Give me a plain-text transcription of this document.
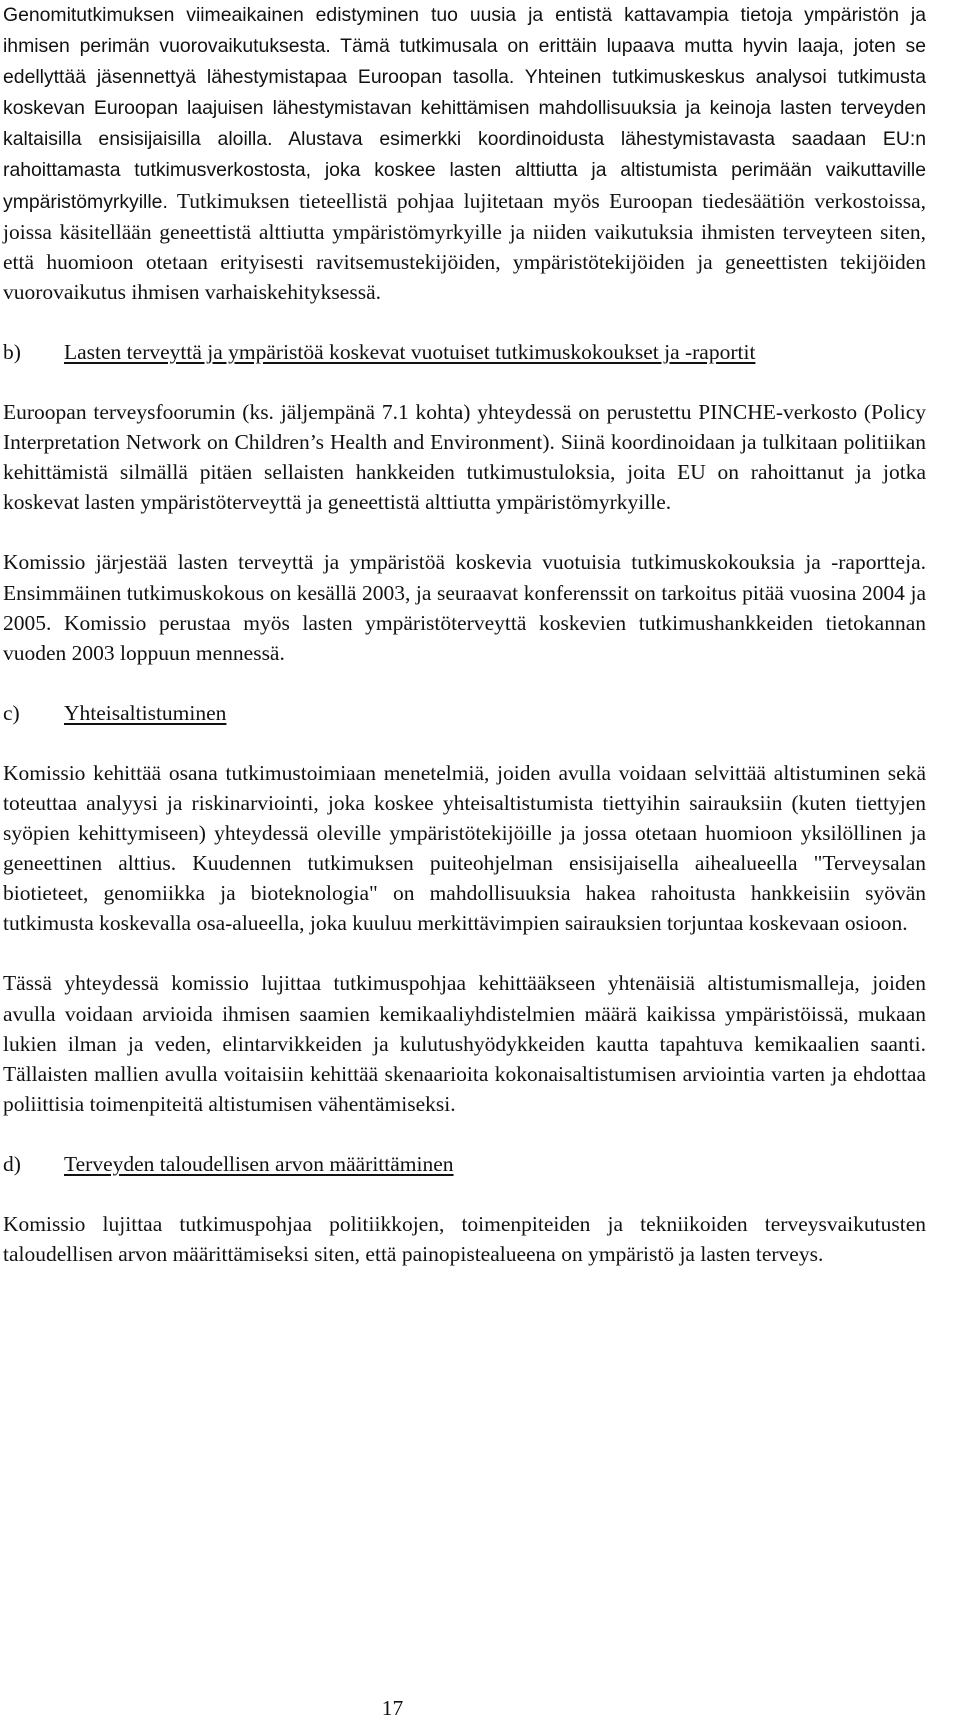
Genomitutkimuksen viimeaikainen edistyminen tuo uusia ja entistä kattavampia tietoja ympäristön ja ihmisen perimän vuorovaikutuksesta. Tämä tutkimusala on erittäin lupaava mutta hyvin laaja, joten se edellyttää jäsennettyä lähestymistapaa Euroopan tasolla. Yhteinen tutkimuskeskus analysoi tutkimusta koskevan Euroopan laajuisen lähestymistavan kehittämisen mahdollisuuksia ja keinoja lasten terveyden kaltaisilla ensisijaisilla aloilla. Alustava esimerkki koordinoidusta lähestymistavasta saadaan EU:n rahoittamasta tutkimusverkostosta, joka koskee lasten alttiutta ja altistumista perimään vaikuttaville ympäristömyrkyille. Tutkimuksen tieteellistä pohjaa lujitetaan myös Euroopan tiedesäätiön verkostoissa, joissa käsitellään geneettistä alttiutta ympäristömyrkyille ja niiden vaikutuksia ihmisten terveyteen siten, että huomioon otetaan erityisesti ravitsemustekijöiden, ympäristötekijöiden ja geneettisten tekijöiden vuorovaikutus ihmisen varhaiskehityksessä.

b) Lasten terveyttä ja ympäristöä koskevat vuotuiset tutkimuskokoukset ja -raportit

Euroopan terveysfoorumin (ks. jäljempänä 7.1 kohta) yhteydessä on perustettu PINCHE-verkosto (Policy Interpretation Network on Children’s Health and Environment). Siinä koordinoidaan ja tulkitaan politiikan kehittämistä silmällä pitäen sellaisten hankkeiden tutkimustuloksia, joita EU on rahoittanut ja jotka koskevat lasten ympäristöterveyttä ja geneettistä alttiutta ympäristömyrkyille.

Komissio järjestää lasten terveyttä ja ympäristöä koskevia vuotuisia tutkimuskokouksia ja -raportteja. Ensimmäinen tutkimuskokous on kesällä 2003, ja seuraavat konferenssit on tarkoitus pitää vuosina 2004 ja 2005. Komissio perustaa myös lasten ympäristöterveyttä koskevien tutkimushankkeiden tietokannan vuoden 2003 loppuun mennessä.

c) Yhteisaltistuminen

Komissio kehittää osana tutkimustoimiaan menetelmiä, joiden avulla voidaan selvittää altistuminen sekä toteuttaa analyysi ja riskinarviointi, joka koskee yhteisaltistumista tiettyihin sairauksiin (kuten tiettyjen syöpien kehittymiseen) yhteydessä oleville ympäristötekijöille ja jossa otetaan huomioon yksilöllinen ja geneettinen alttius. Kuudennen tutkimuksen puiteohjelman ensisijaisella aihealueella "Terveysalan biotieteet, genomiikka ja bioteknologia" on mahdollisuuksia hakea rahoitusta hankkeisiin syövän tutkimusta koskevalla osa-alueella, joka kuuluu merkittävimpien sairauksien torjuntaa koskevaan osioon.

Tässä yhteydessä komissio lujittaa tutkimuspohjaa kehittääkseen yhtenäisiä altistumismalleja, joiden avulla voidaan arvioida ihmisen saamien kemikaaliyhdistelmien määrä kaikissa ympäristöissä, mukaan lukien ilman ja veden, elintarvikkeiden ja kulutushyödykkeiden kautta tapahtuva kemikaalien saanti. Tällaisten mallien avulla voitaisiin kehittää skenaarioita kokonaisaltistumisen arviointia varten ja ehdottaa poliittisia toimenpiteitä altistumisen vähentämiseksi.

d) Terveyden taloudellisen arvon määrittäminen

Komissio lujittaa tutkimuspohjaa politiikkojen, toimenpiteiden ja tekniikoiden terveysvaikutusten taloudellisen arvon määrittämiseksi siten, että painopistealueena on ympäristö ja lasten terveys.

17
